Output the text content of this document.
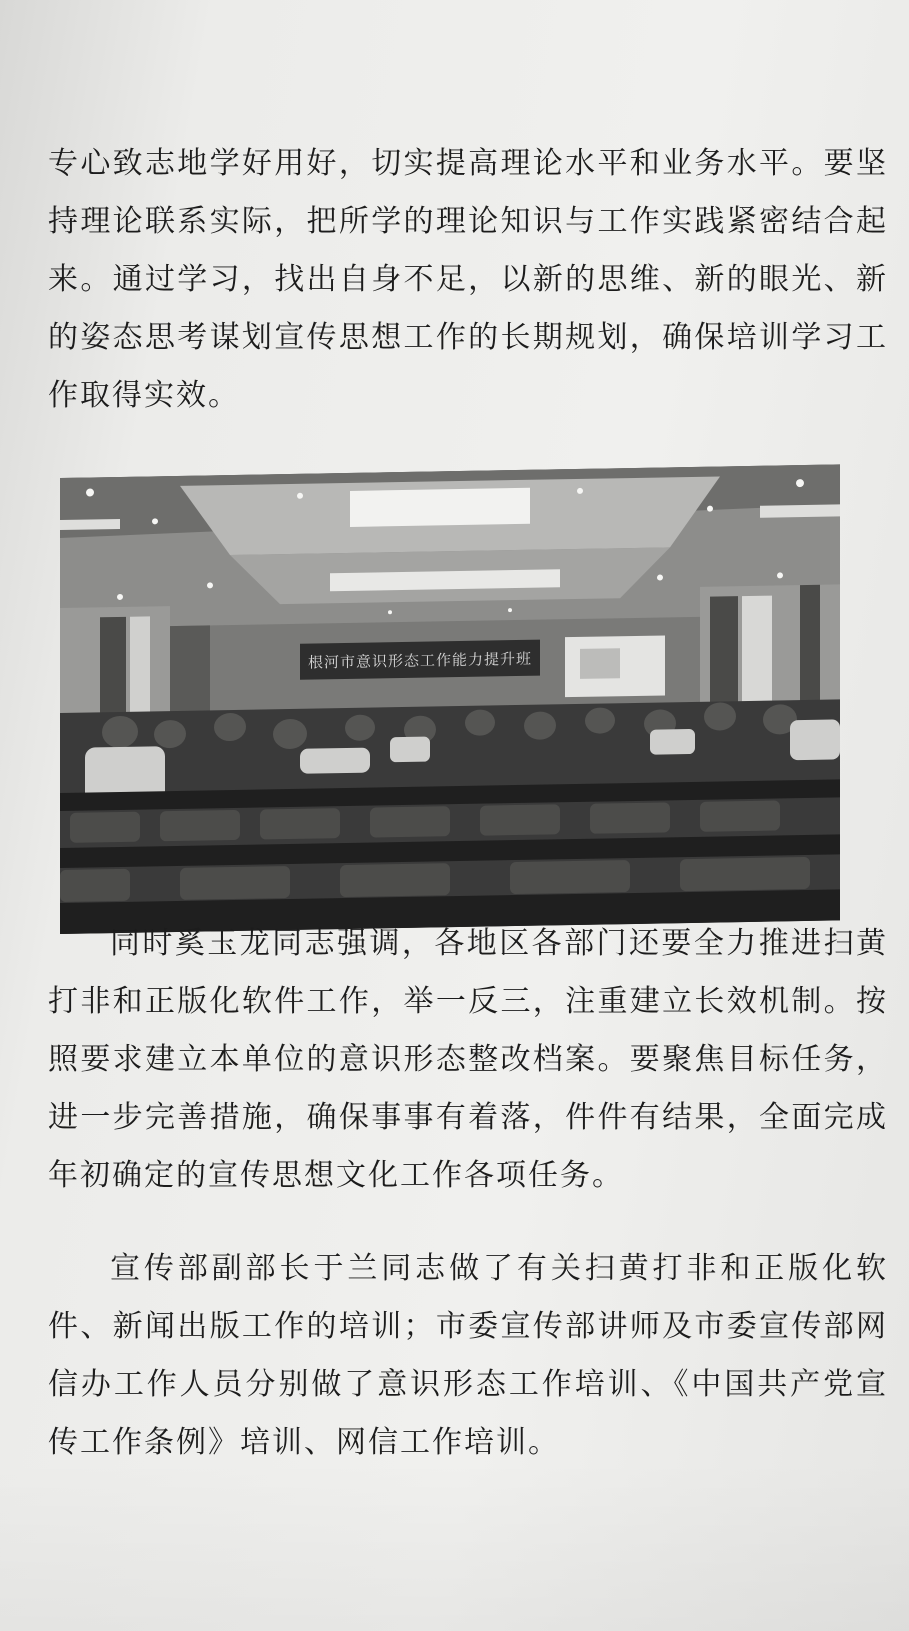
专心致志地学好用好，切实提高理论水平和业务水平。要坚持理论联系实际，把所学的理论知识与工作实践紧密结合起来。通过学习，找出自身不足，以新的思维、新的眼光、新的姿态思考谋划宣传思想工作的长期规划，确保培训学习工作取得实效。

根河市意识形态工作能力提升班

同时奚玉龙同志强调，各地区各部门还要全力推进扫黄打非和正版化软件工作，举一反三，注重建立长效机制。按照要求建立本单位的意识形态整改档案。要聚焦目标任务，进一步完善措施，确保事事有着落，件件有结果，全面完成年初确定的宣传思想文化工作各项任务。

宣传部副部长于兰同志做了有关扫黄打非和正版化软件、新闻出版工作的培训；市委宣传部讲师及市委宣传部网信办工作人员分别做了意识形态工作培训、《中国共产党宣传工作条例》培训、网信工作培训。
